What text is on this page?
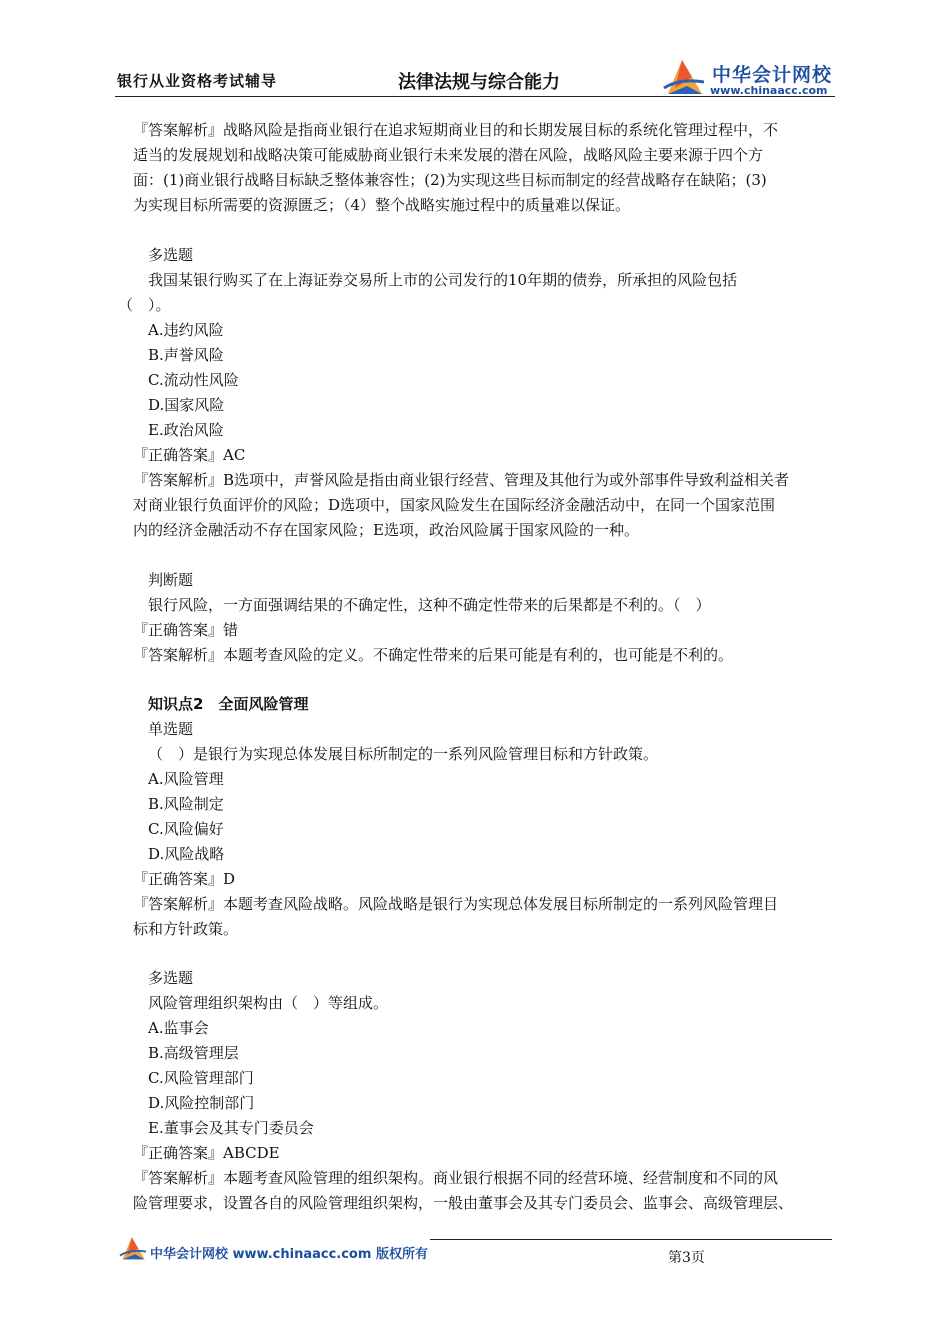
银行从业资格考试辅导	法律法规与综合能力	中华会计网校
www.chinaacc.com
『答案解析』战略风险是指商业银行在追求短期商业目的和长期发展目标的系统化管理过程中，不
适当的发展规划和战略决策可能威胁商业银行未来发展的潜在风险，战略风险主要来源于四个方
面：(1)商业银行战略目标缺乏整体兼容性；(2)为实现这些目标而制定的经营战略存在缺陷；(3)
为实现目标所需要的资源匮乏；（4）整个战略实施过程中的质量难以保证。
多选题
我国某银行购买了在上海证券交易所上市的公司发行的10年期的债券，所承担的风险包括
（　）。
A.违约风险
B.声誉风险
C.流动性风险
D.国家风险
E.政治风险
『正确答案』AC
『答案解析』B选项中，声誉风险是指由商业银行经营、管理及其他行为或外部事件导致利益相关者
对商业银行负面评价的风险；D选项中，国家风险发生在国际经济金融活动中，在同一个国家范围
内的经济金融活动不存在国家风险；E选项，政治风险属于国家风险的一种。
判断题
银行风险，一方面强调结果的不确定性，这种不确定性带来的后果都是不利的。（　）
『正确答案』错
『答案解析』本题考查风险的定义。不确定性带来的后果可能是有利的，也可能是不利的。
知识点2　全面风险管理
单选题
（　）是银行为实现总体发展目标所制定的一系列风险管理目标和方针政策。
A.风险管理
B.风险制定
C.风险偏好
D.风险战略
『正确答案』D
『答案解析』本题考查风险战略。风险战略是银行为实现总体发展目标所制定的一系列风险管理目
标和方针政策。
多选题
风险管理组织架构由（　）等组成。
A.监事会
B.高级管理层
C.风险管理部门
D.风险控制部门
E.董事会及其专门委员会
『正确答案』ABCDE
『答案解析』本题考查风险管理的组织架构。商业银行根据不同的经营环境、经营制度和不同的风
险管理要求，设置各自的风险管理组织架构，一般由董事会及其专门委员会、监事会、高级管理层、
中华会计网校 www.chinaacc.com 版权所有	第3页
